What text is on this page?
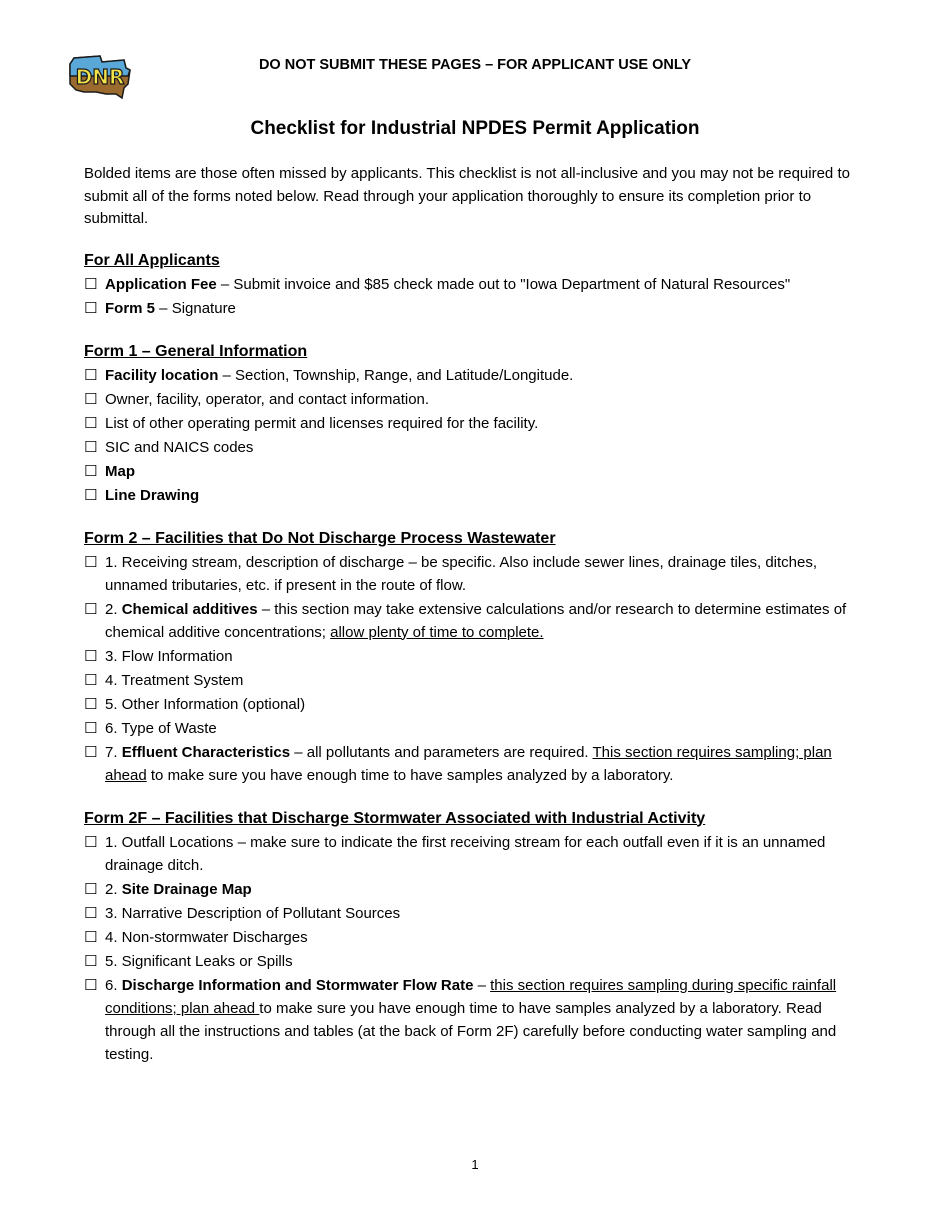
DNR	DO NOT SUBMIT THESE PAGES – FOR APPLICANT USE ONLY
Checklist for Industrial NPDES Permit Application

Bolded items are those often missed by applicants. This checklist is not all-inclusive and you may not be required to submit all of the forms noted below. Read through your application thoroughly to ensure its completion prior to submittal.

For All Applicants
☐ Application Fee – Submit invoice and $85 check made out to "Iowa Department of Natural Resources"
☐ Form 5 – Signature
Form 1 – General Information
☐ Facility location – Section, Township, Range, and Latitude/Longitude.
☐ Owner, facility, operator, and contact information.
☐ List of other operating permit and licenses required for the facility.
☐ SIC and NAICS codes
☐ Map
☐ Line Drawing
Form 2 – Facilities that Do Not Discharge Process Wastewater
☐ 1. Receiving stream, description of discharge – be specific. Also include sewer lines, drainage tiles, ditches, unnamed tributaries, etc. if present in the route of flow.
☐ 2. Chemical additives – this section may take extensive calculations and/or research to determine estimates of chemical additive concentrations; allow plenty of time to complete.
☐ 3. Flow Information
☐ 4. Treatment System
☐ 5. Other Information (optional)
☐ 6. Type of Waste
☐ 7. Effluent Characteristics – all pollutants and parameters are required. This section requires sampling; plan ahead to make sure you have enough time to have samples analyzed by a laboratory.
Form 2F – Facilities that Discharge Stormwater Associated with Industrial Activity
☐ 1. Outfall Locations – make sure to indicate the first receiving stream for each outfall even if it is an unnamed drainage ditch.
☐ 2. Site Drainage Map
☐ 3. Narrative Description of Pollutant Sources
☐ 4. Non-stormwater Discharges
☐ 5. Significant Leaks or Spills
☐ 6. Discharge Information and Stormwater Flow Rate – this section requires sampling during specific rainfall conditions; plan ahead to make sure you have enough time to have samples analyzed by a laboratory. Read through all the instructions and tables (at the back of Form 2F) carefully before conducting water sampling and testing.
1
